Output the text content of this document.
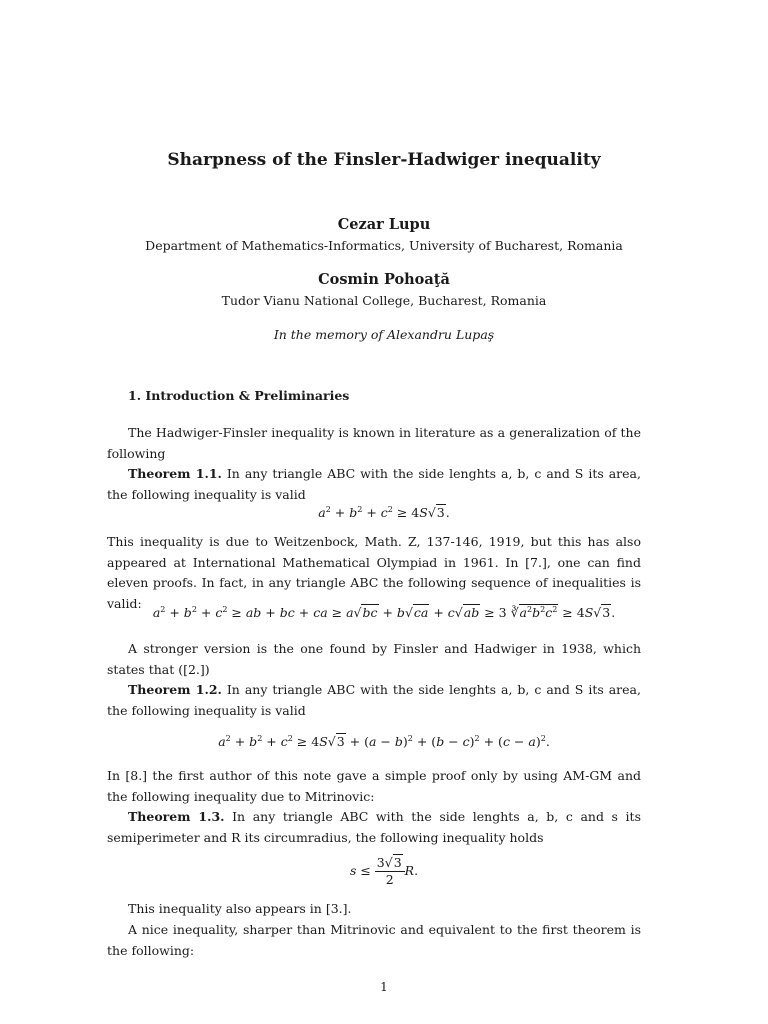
Sharpness of the Finsler-Hadwiger inequality
Cezar Lupu
Department of Mathematics-Informatics, University of Bucharest, Romania
Cosmin Pohoaţă
Tudor Vianu National College, Bucharest, Romania
In the memory of Alexandru Lupaş
1. Introduction & Preliminaries
The Hadwiger-Finsler inequality is known in literature as a generalization of the following
Theorem 1.1. In any triangle ABC with the side lenghts a, b, c and S its area, the following inequality is valid
$a^2 + b^2 + c^2 \ge 4S√3$.
This inequality is due to Weitzenbock, Math. Z, 137-146, 1919, but this has also appeared at International Mathematical Olympiad in 1961. In [7.], one can find eleven proofs. In fact, in any triangle ABC the following sequence of inequalities is valid:
$a^2 + b^2 + c^2$ ≥ ab + bc + ca ≥ a√bc + b√ca + c√ab ≥ 3 $∛a^2b^2c^2 \ge 4S√3$.
A stronger version is the one found by Finsler and Hadwiger in 1938, which states that ([2.])
Theorem 1.2. In any triangle ABC with the side lenghts a, b, c and S its area, the following inequality is valid
$a^2 + b^2 + c^2 \ge 4S√3 + (a - b)^2 + (b - c)^2 + (c - a)^2$.
In [8.] the first author of this note gave a simple proof only by using AM-GM and the following inequality due to Mitrinovic:
Theorem 1.3. In any triangle ABC with the side lenghts a, b, c and s its semiperimeter and R its circumradius, the following inequality holds
$s \le \frac{3√3}{2} R$.
This inequality also appears in [3.].
A nice inequality, sharper than Mitrinovic and equivalent to the first theorem is the following:
1
